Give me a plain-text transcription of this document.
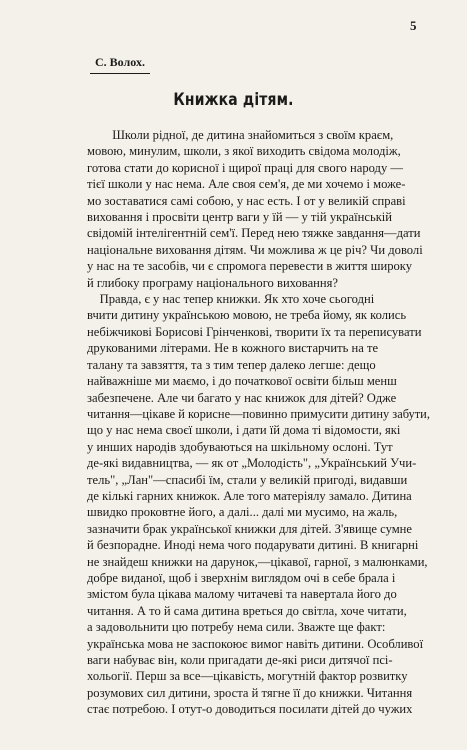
5
С. Волох.
Книжка дітям.

Школи рідної, де дитина знайомиться з своїм краєм,
мовою, минулим, школи, з якої виходить свідома молодіж,
готова стати до корисної і щирої праці для свого народу —
тієї школи у нас нема. Але своя сем'я, де ми хочемо і може-
мо зоставатися самі собою, у нас есть. І от у великій справі
виховання і просвіти центр ваги у їй — у тій українській
свідомій інтелігентній сем'ї. Перед нею тяжке завдання—дати
національне виховання дітям. Чи можлива ж це річ? Чи доволі
у нас на те засобів, чи є спромога перевести в життя широку
й глибоку програму національного виховання?

Правда, є у нас тепер книжки. Як хто хоче сьогодні
вчити дитину українською мовою, не треба йому, як колись
небіжчикові Борисові Грінченкові, творити їх та переписувати
друкованими літерами. Не в кожного вистарчить на те
талану та завзяття, та з тим тепер далеко легше: дещо
найважніше ми маємо, і до початкової освіти більш менш
забезпечене. Але чи багато у нас книжок для дітей? Одже
читання—цікаве й корисне—повинно примусити дитину забути,
що у нас нема своєї школи, і дати їй дома ті відомости, які
у инших народів здобуваються на шкільному ослоні. Тут
де-які видавництва, — як от „Молодість", „Український Учи-
тель", „Лан"—спасибі їм, стали у великій пригоді, видавши
де кількі гарних книжок. Але того матеріялу замало. Дитина
швидко проковтне його, а далі... далі ми мусимо, на жаль,
зазначити брак української книжки для дітей. З'явище сумне
й безпорадне. Иноді нема чого подарувати дитині. В книгарні
не знайдеш книжки на дарунок,—цікавої, гарної, з малюнками,
добре виданої, щоб і зверхнім виглядом очі в себе брала і
змістом була цікава малому читачеві та навертала його до
читання. А то й сама дитина вреться до світла, хоче читати,
а задовольнити цю потребу нема сили. Зважте ще факт:
українська мова не заспокоює вимог навіть дитини. Особливої
ваги набуває він, коли пригадати де-які риси дитячої псі-
хольогії. Перш за все—цікавість, могутній фактор розвитку
розумових сил дитини, зроста й тягне її до книжки. Читання
стає потребою. І отут-о доводиться посилати дітей до чужих
